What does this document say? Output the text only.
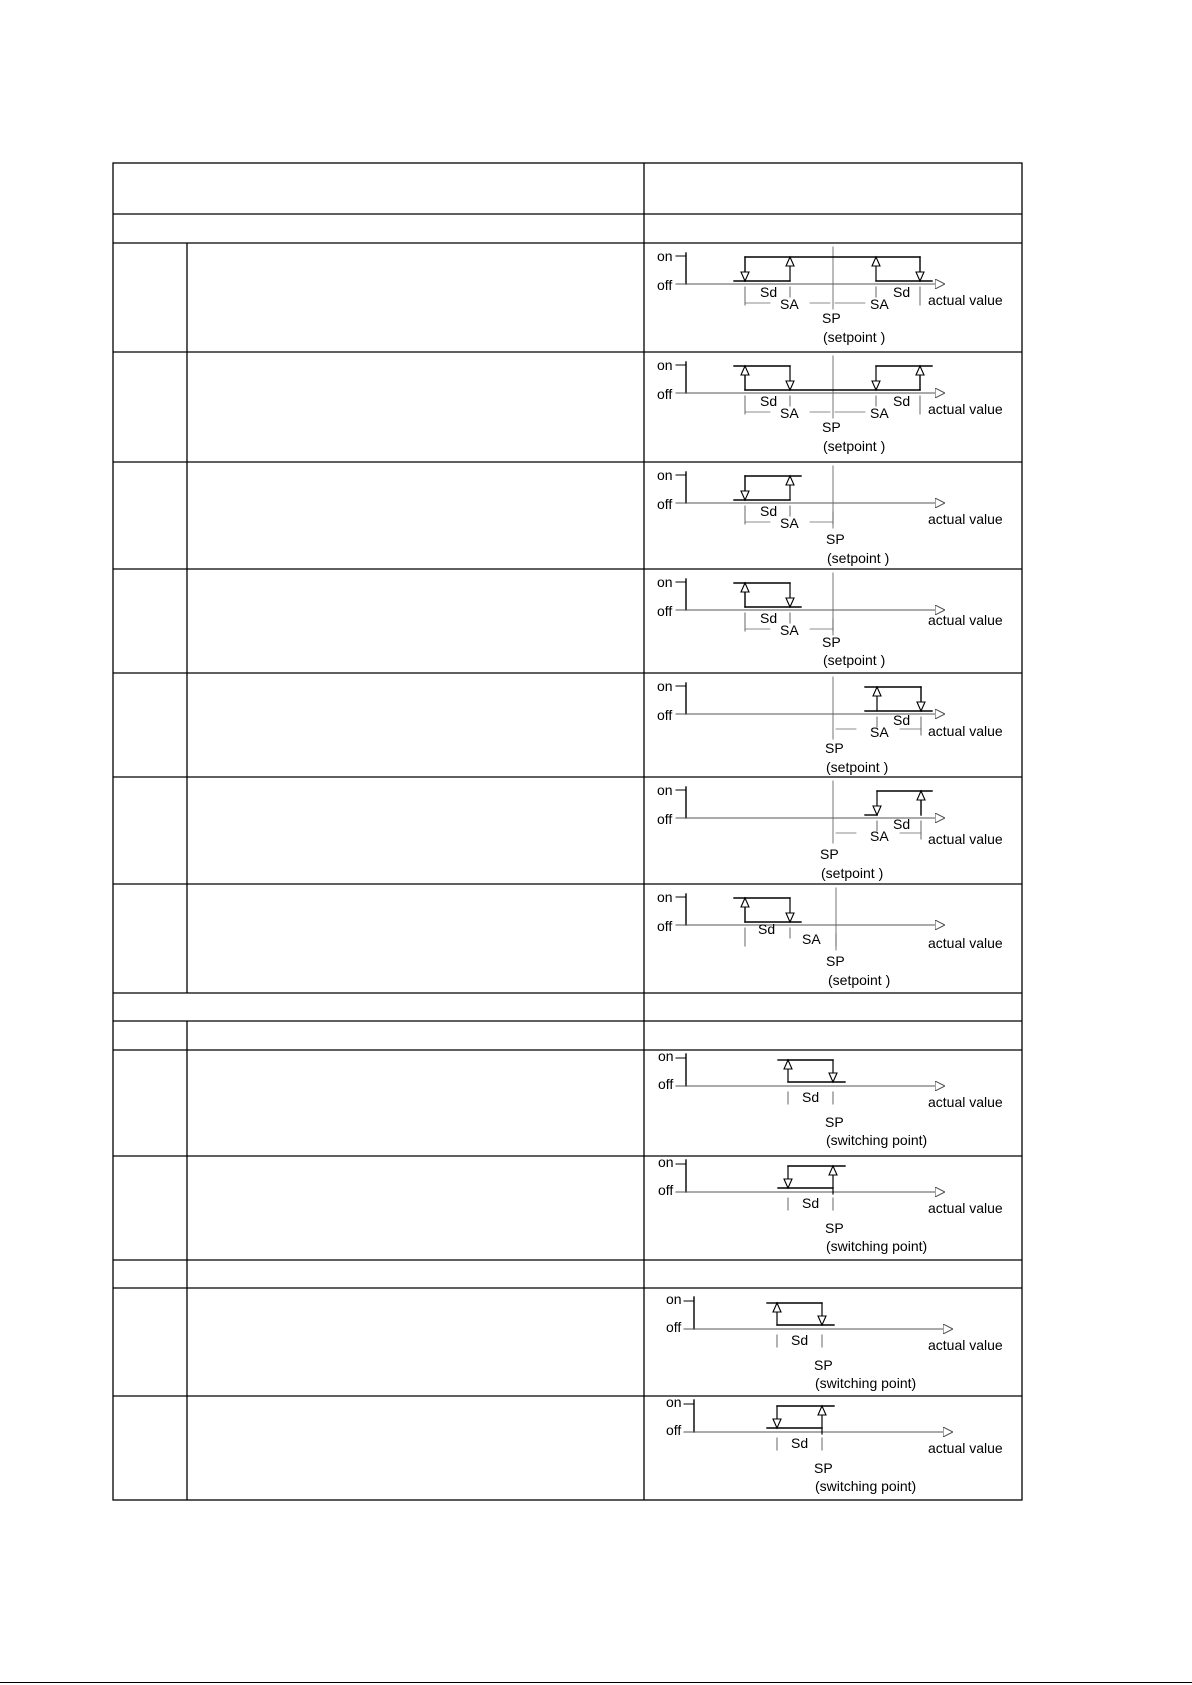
on
off	Sd
SA	SA
Sd actual value
SP
(setpoint )
on
off	Sd
SA	SA
Sd actual value
SP
(setpoint )
on
off	Sd
SA	actual value
SP
(setpoint )
on
off	Sd
SA
actual value
SP
(setpoint )
on
off	Sd
SA	actual value
SP
(setpoint )
on
off	Sd
SA	actual value
SP
(setpoint )
on
off	Sd
SA	actual value
SP
(setpoint )
on
off
Sd	actual value
SP
(switching point)
on
off
Sd	actual value
SP
(switching point)
on
off
Sd	actual value
SP
(switching point)
on
off
Sd	actual value
SP
(switching point)
